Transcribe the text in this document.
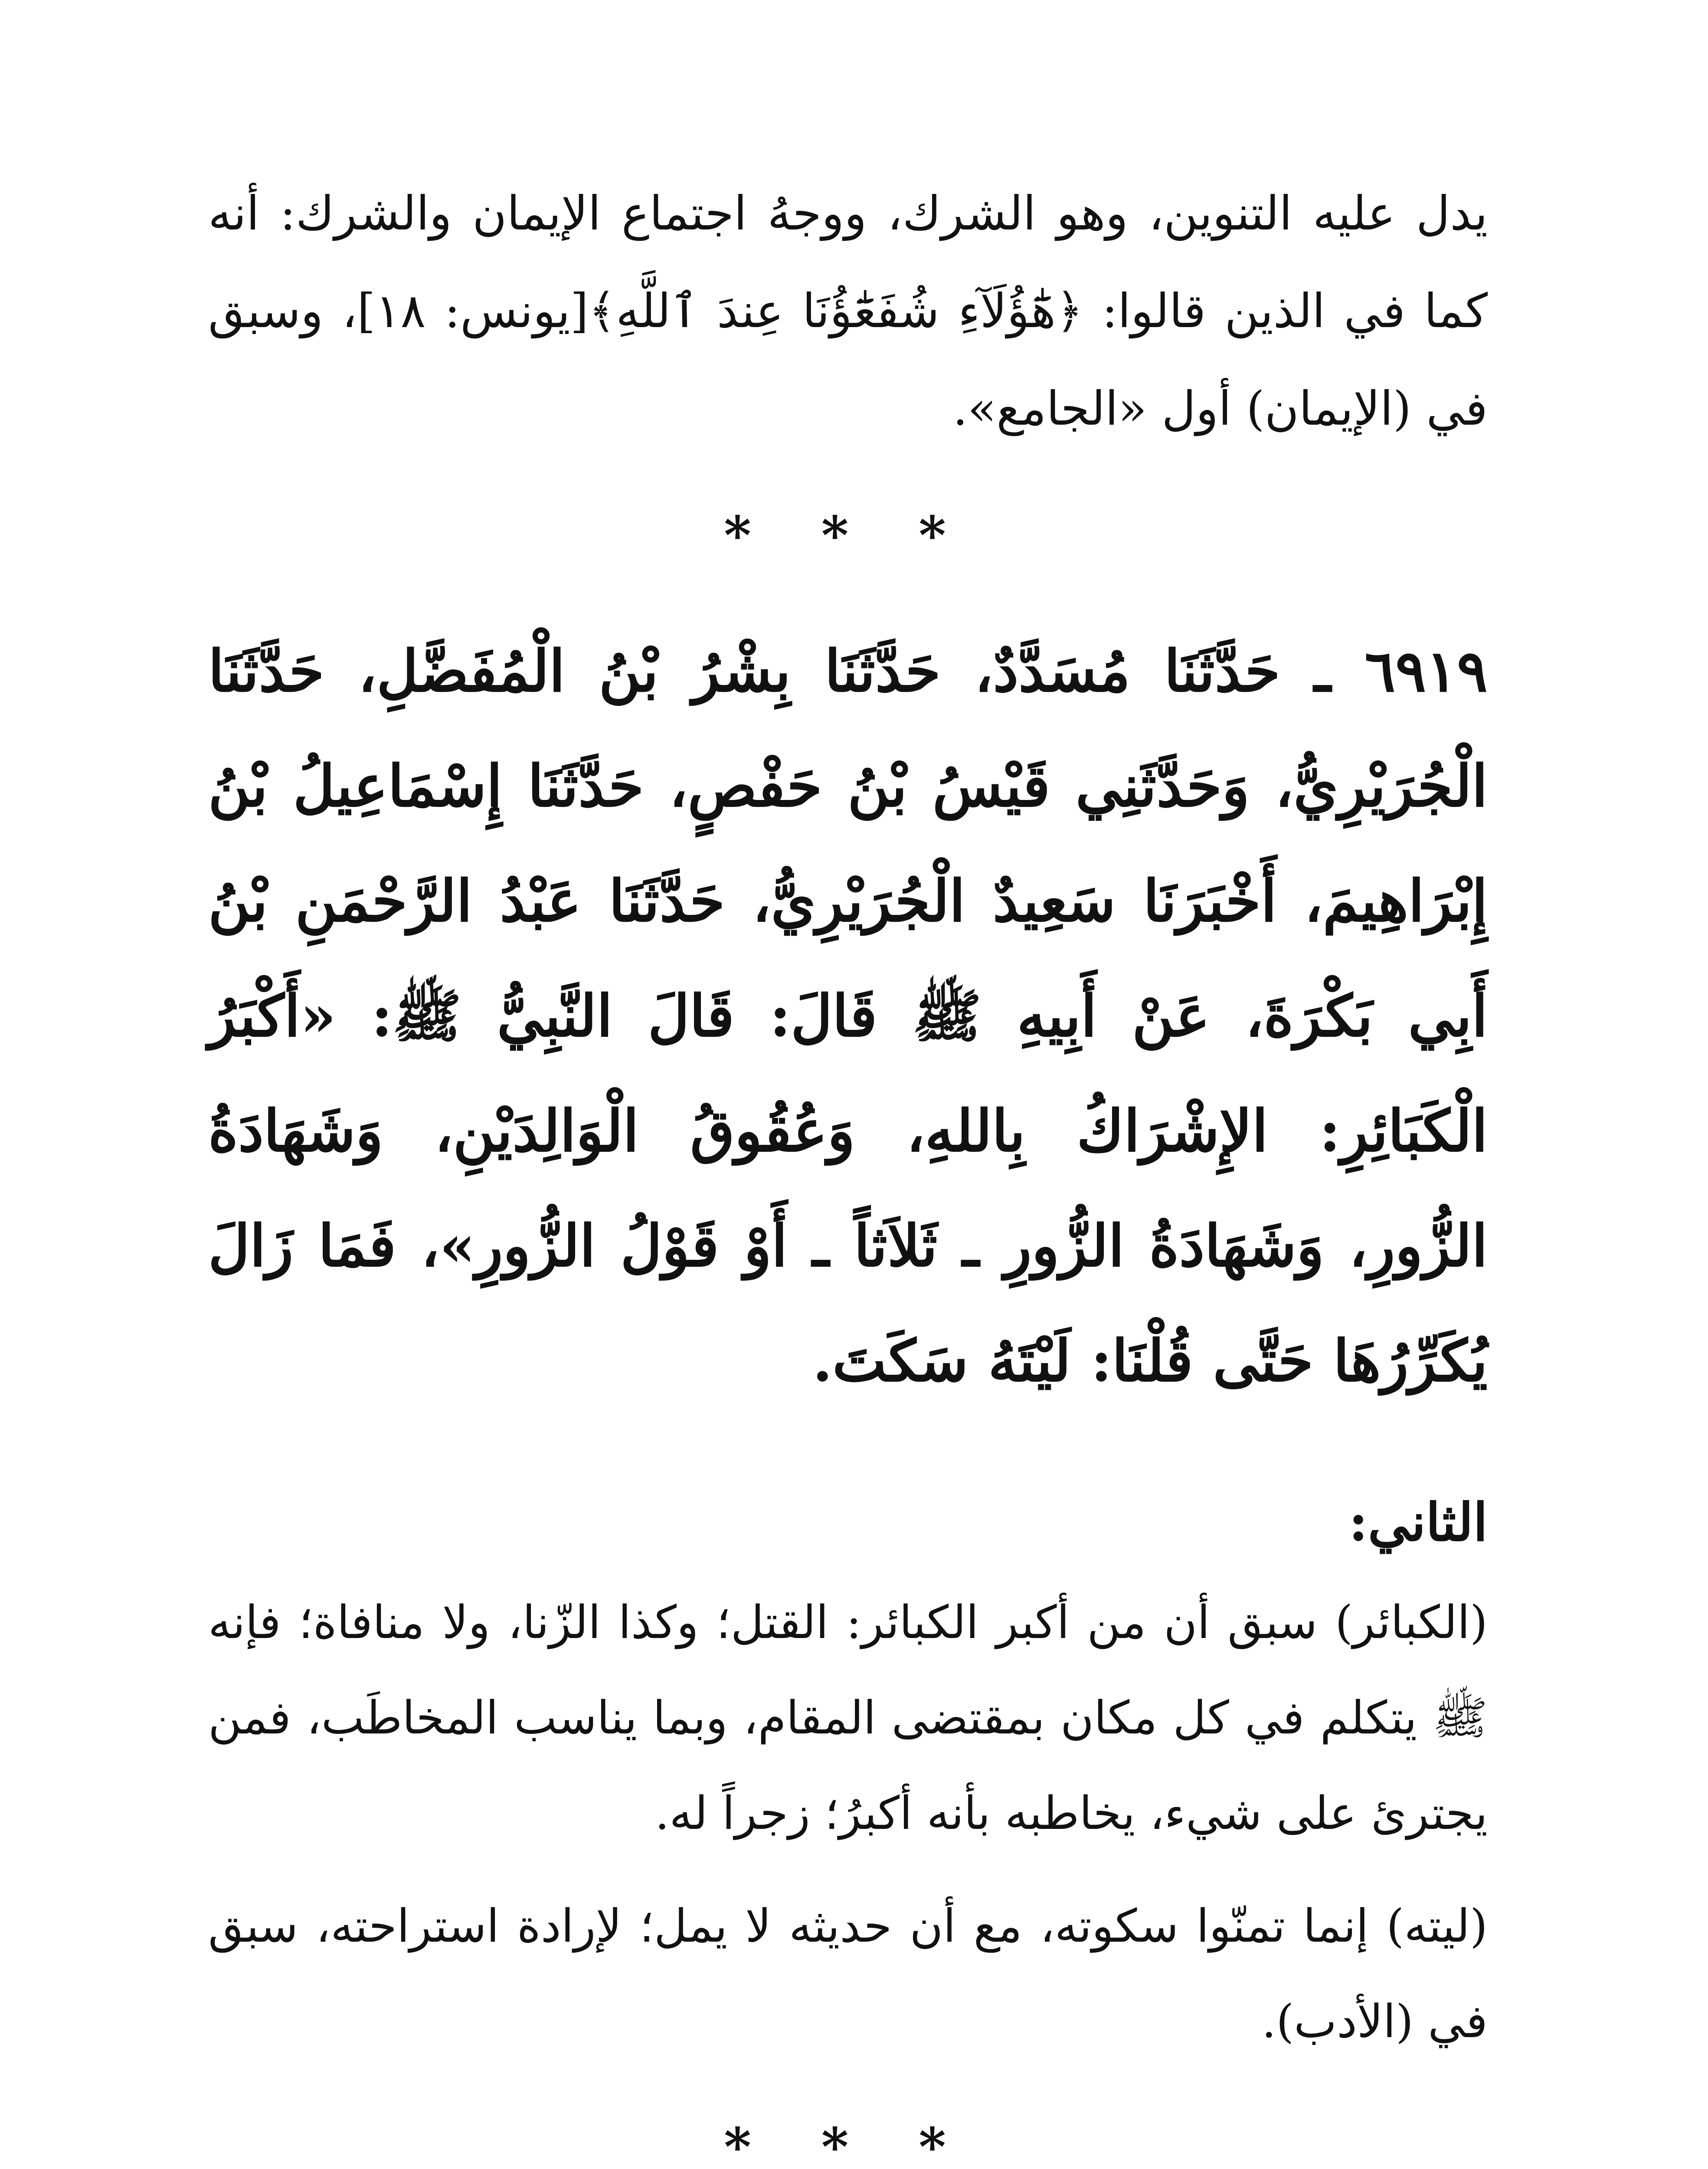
يدل عليه التنوين، وهو الشرك، ووجهُ اجتماع الإيمان والشرك: أنه كما في الذين قالوا: ﴿هَٰٓؤُلَآءِ شُفَعَٰٓؤُنَا عِندَ ٱللَّهِ﴾[يونس: ١٨]، وسبق في (الإيمان) أول «الجامع».

* * *

٦٩١٩ ـ حَدَّثَنَا مُسَدَّدٌ، حَدَّثَنَا بِشْرُ بْنُ الْمُفَضَّلِ، حَدَّثَنَا الْجُرَيْرِيُّ، وَحَدَّثَنِي قَيْسُ بْنُ حَفْصٍ، حَدَّثَنَا إِسْمَاعِيلُ بْنُ إِبْرَاهِيمَ، أَخْبَرَنَا سَعِيدٌ الْجُرَيْرِيُّ، حَدَّثَنَا عَبْدُ الرَّحْمَنِ بْنُ أَبِي بَكْرَةَ، عَنْ أَبِيهِ ﷺ قَالَ: قَالَ النَّبِيُّ ﷺ: «أَكْبَرُ الْكَبَائِرِ: الإِشْرَاكُ بِاللهِ، وَعُقُوقُ الْوَالِدَيْنِ، وَشَهَادَةُ الزُّورِ، وَشَهَادَةُ الزُّورِ ـ ثَلاَثاً ـ أَوْ قَوْلُ الزُّورِ»، فَمَا زَالَ يُكَرِّرُهَا حَتَّى قُلْنَا: لَيْتَهُ سَكَتَ.

الثاني:

(الكبائر) سبق أن من أكبر الكبائر: القتل؛ وكذا الزّنا، ولا منافاة؛ فإنه ﷺ يتكلم في كل مكان بمقتضى المقام، وبما يناسب المخاطَب، فمن يجترئ على شيء، يخاطبه بأنه أكبرُ؛ زجراً له.

(ليته) إنما تمنّوا سكوته، مع أن حديثه لا يمل؛ لإرادة استراحته، سبق في (الأدب).

* * *
